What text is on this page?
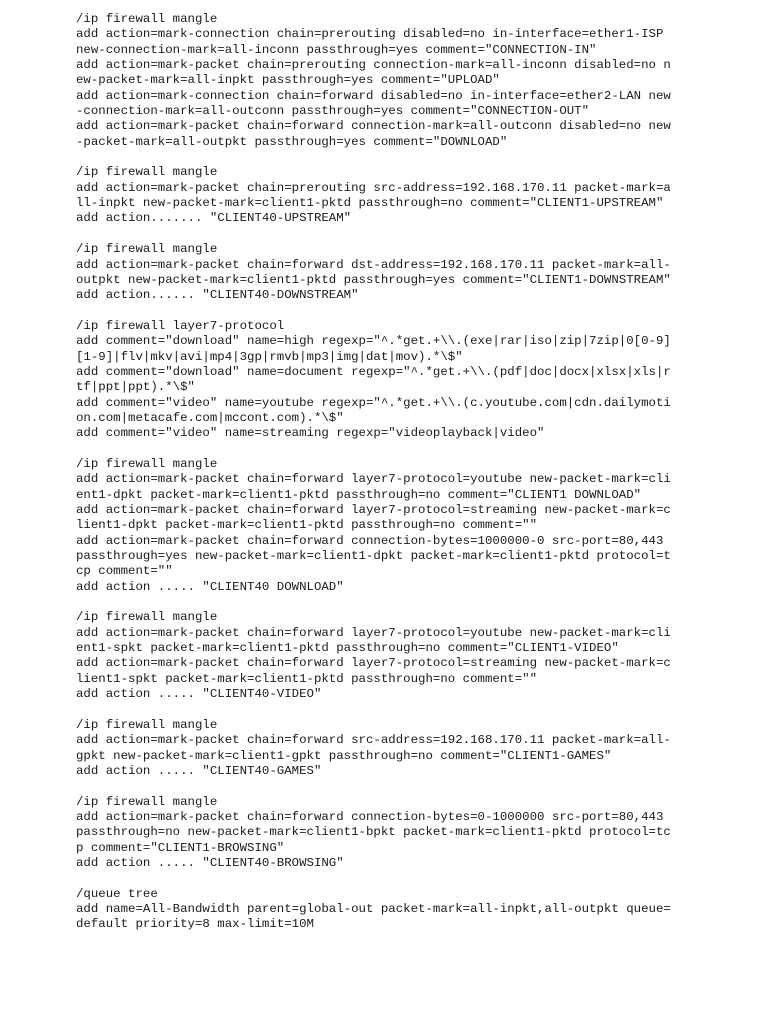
/ip firewall mangle
add action=mark-connection chain=prerouting disabled=no in-interface=ether1-ISP
new-connection-mark=all-inconn passthrough=yes comment="CONNECTION-IN"
add action=mark-packet chain=prerouting connection-mark=all-inconn disabled=no n
ew-packet-mark=all-inpkt passthrough=yes comment="UPLOAD"
add action=mark-connection chain=forward disabled=no in-interface=ether2-LAN new
-connection-mark=all-outconn passthrough=yes comment="CONNECTION-OUT"
add action=mark-packet chain=forward connection-mark=all-outconn disabled=no new
-packet-mark=all-outpkt passthrough=yes comment="DOWNLOAD"
/ip firewall mangle
add action=mark-packet chain=prerouting src-address=192.168.170.11 packet-mark=a
ll-inpkt new-packet-mark=client1-pktd passthrough=no comment="CLIENT1-UPSTREAM"
add action....... "CLIENT40-UPSTREAM"
/ip firewall mangle
add action=mark-packet chain=forward dst-address=192.168.170.11 packet-mark=all-
outpkt new-packet-mark=client1-pktd passthrough=yes comment="CLIENT1-DOWNSTREAM"
add action...... "CLIENT40-DOWNSTREAM"
/ip firewall layer7-protocol
add comment="download" name=high regexp="^.*get.+\\.(exe|rar|iso|zip|7zip|0[0-9]
[1-9]|flv|mkv|avi|mp4|3gp|rmvb|mp3|img|dat|mov).*\$"
add comment="download" name=document regexp="^.*get.+\\.(pdf|doc|docx|xlsx|xls|r
tf|ppt|ppt).*\$"
add comment="video" name=youtube regexp="^.*get.+\\.(c.youtube.com|cdn.dailymoti
on.com|metacafe.com|mccont.com).*\$"
add comment="video" name=streaming regexp="videoplayback|video"
/ip firewall mangle
add action=mark-packet chain=forward layer7-protocol=youtube new-packet-mark=cli
ent1-dpkt packet-mark=client1-pktd passthrough=no comment="CLIENT1 DOWNLOAD"
add action=mark-packet chain=forward layer7-protocol=streaming new-packet-mark=c
lient1-dpkt packet-mark=client1-pktd passthrough=no comment=""
add action=mark-packet chain=forward connection-bytes=1000000-0 src-port=80,443
passthrough=yes new-packet-mark=client1-dpkt packet-mark=client1-pktd protocol=t
cp comment=""
add action ..... "CLIENT40 DOWNLOAD"
/ip firewall mangle
add action=mark-packet chain=forward layer7-protocol=youtube new-packet-mark=cli
ent1-spkt packet-mark=client1-pktd passthrough=no comment="CLIENT1-VIDEO"
add action=mark-packet chain=forward layer7-protocol=streaming new-packet-mark=c
lient1-spkt packet-mark=client1-pktd passthrough=no comment=""
add action ..... "CLIENT40-VIDEO"
/ip firewall mangle
add action=mark-packet chain=forward src-address=192.168.170.11 packet-mark=all-
gpkt new-packet-mark=client1-gpkt passthrough=no comment="CLIENT1-GAMES"
add action ..... "CLIENT40-GAMES"
/ip firewall mangle
add action=mark-packet chain=forward connection-bytes=0-1000000 src-port=80,443
passthrough=no new-packet-mark=client1-bpkt packet-mark=client1-pktd protocol=tc
p comment="CLIENT1-BROWSING"
add action ..... "CLIENT40-BROWSING"
/queue tree
add name=All-Bandwidth parent=global-out packet-mark=all-inpkt,all-outpkt queue=
default priority=8 max-limit=10M
